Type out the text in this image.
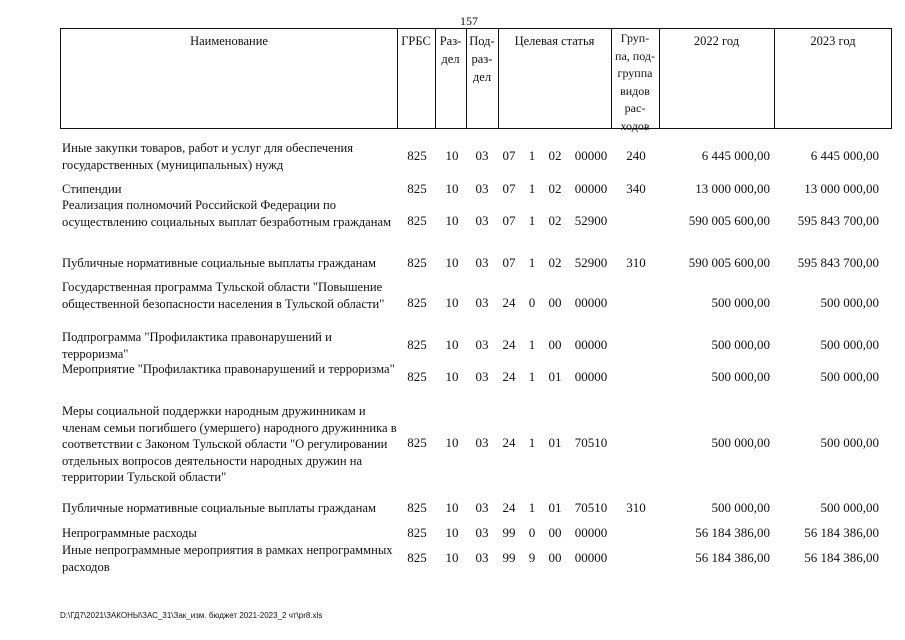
157
Наименование	ГРБС Раз-
дел
Под-
раз-
дел
Целевая статья	Груп-
па, под-
группа
видов
рас-
ходов
2022 год	2023 год
Иные закупки товаров, работ и услуг для обеспечения государственных (муниципальных) нужд
825	10	03	07 1 02 00000	240	6 445 000,00	6 445 000,00
Стипендии	825	10	03	07 1 02 00000	340	13 000 000,00	13 000 000,00
Реализация полномочий Российской Федерации по осуществлению социальных выплат безработным гражданам	825	10	03	07 1 02 52900	590 005 600,00	595 843 700,00
Публичные нормативные социальные выплаты гражданам	825	10	03	07 1 02 52900	310	590 005 600,00	595 843 700,00
Государственная программа Тульской области "Повышение общественной безопасности населения в Тульской области"	825	10	03	24 0 00 00000	500 000,00	500 000,00
Подпрограмма "Профилактика правонарушений и терроризма"
825	10	03	24 1 00 00000	500 000,00	500 000,00
Мероприятие "Профилактика правонарушений и терроризма" 825	10	03	24 1 01 00000	500 000,00	500 000,00
Меры социальной поддержки народным дружинникам и членам семьи погибшего (умершего) народного дружинника в соответствии с Законом Тульской области "О регулировании отдельных вопросов деятельности народных дружин на территории Тульской области"
825	10	03	24 1 01 70510	500 000,00	500 000,00
Публичные нормативные социальные выплаты гражданам	825	10	03	24 1 01 70510	310	500 000,00	500 000,00
Непрограммные расходы	825	10	03	99 0 00 00000	56 184 386,00	56 184 386,00
Иные непрограммные мероприятия в рамках непрограммных расходов
825	10	03	99 9 00 00000	56 184 386,00	56 184 386,00
D:\ГД7\2021\ЗАКОНЫ\ЗАС_31\Зак_изм. бюджет 2021-2023_2 чт\pr8.xls
